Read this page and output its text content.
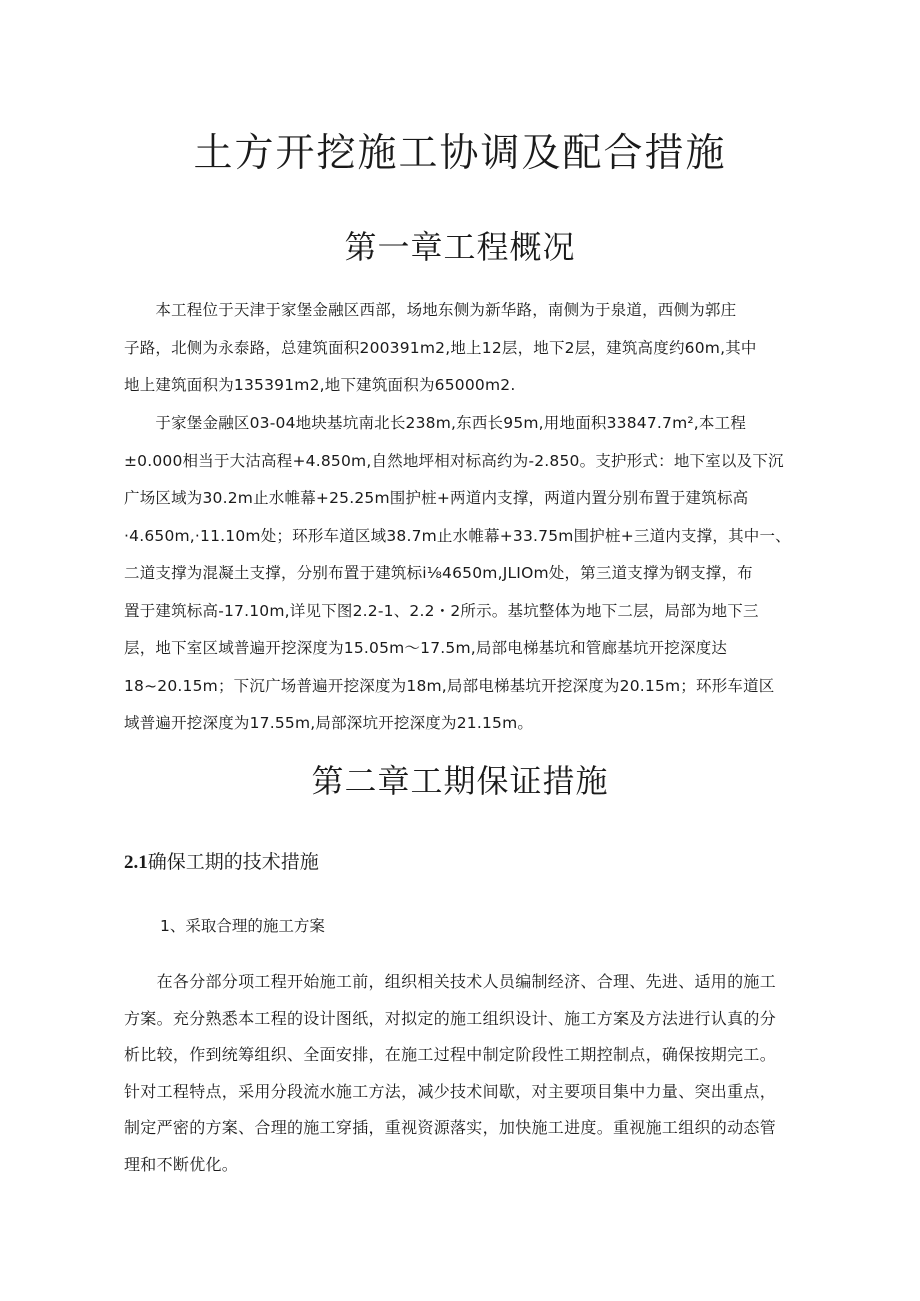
土方开挖施工协调及配合措施
第一章工程概况

　　本工程位于天津于家堡金融区西部，场地东侧为新华路，南侧为于泉道，西侧为郭庄
子路，北侧为永泰路，总建筑面积200391m2,地上12层，地下2层，建筑高度约60m,其中
地上建筑面积为135391m2,地下建筑面积为65000m2.

　　于家堡金融区03-04地块基坑南北长238m,东西长95m,用地面积33847.7m²,本工程
±0.000相当于大沽高程+4.850m,自然地坪相对标高约为-2.850。支护形式：地下室以及下沉
广场区域为30.2m止水帷幕+25.25m围护桩+两道内支撑，两道内置分别布置于建筑标高
·4.650m,·11.10m处；环形车道区域38.7m止水帷幕+33.75m围护桩+三道内支撑，其中一、
二道支撑为混凝土支撑，分别布置于建筑标i⅛4650m,JLIOm处，第三道支撑为钢支撑，布
置于建筑标高-17.10m,详见下图2.2-1、2.2・2所示。基坑整体为地下二层，局部为地下三
层，地下室区域普遍开挖深度为15.05m～17.5m,局部电梯基坑和管廊基坑开挖深度达
18~20.15m；下沉广场普遍开挖深度为18m,局部电梯基坑开挖深度为20.15m；环形车道区
域普遍开挖深度为17.55m,局部深坑开挖深度为21.15m。

第二章工期保证措施
2.1确保工期的技术措施

1、采取合理的施工方案

　　在各分部分项工程开始施工前，组织相关技术人员编制经济、合理、先进、适用的施工
方案。充分熟悉本工程的设计图纸，对拟定的施工组织设计、施工方案及方法进行认真的分
析比较，作到统筹组织、全面安排，在施工过程中制定阶段性工期控制点，确保按期完工。
针对工程特点，采用分段流水施工方法，减少技术间歇，对主要项目集中力量、突出重点，
制定严密的方案、合理的施工穿插，重视资源落实，加快施工进度。重视施工组织的动态管
理和不断优化。
